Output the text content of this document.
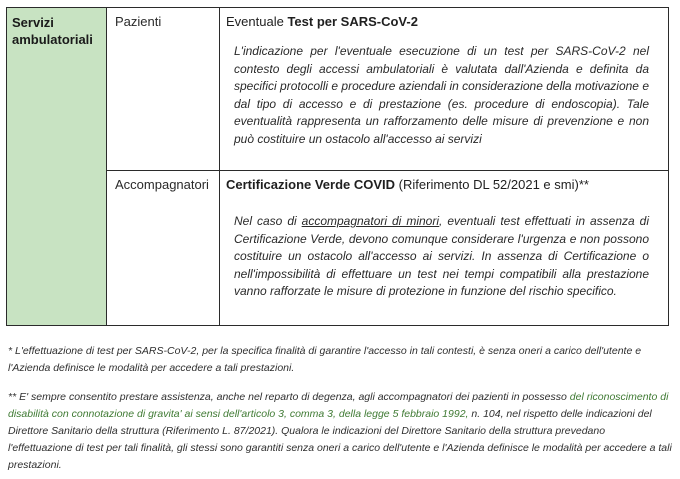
Servizi ambulatoriali
Pazienti	Eventuale Test per SARS-CoV-2
L'indicazione per l'eventuale esecuzione di un test per SARS-CoV-2 nel contesto degli accessi ambulatoriali è valutata dall'Azienda e definita da specifici protocolli e procedure aziendali in considerazione della motivazione e dal tipo di accesso e di prestazione (es. procedure di endoscopia). Tale eventualità rappresenta un rafforzamento delle misure di prevenzione e non può costituire un ostacolo all'accesso ai servizi
Accompagnatori Certificazione Verde COVID (Riferimento DL 52/2021 e smi)**
Nel caso di accompagnatori di minori, eventuali test effettuati in assenza di Certificazione Verde, devono comunque considerare l'urgenza e non possono costituire un ostacolo all'accesso ai servizi. In assenza di Certificazione o nell'impossibilità di effettuare un test nei tempi compatibili alla prestazione vanno rafforzate le misure di protezione in funzione del rischio specifico.
* L'effettuazione di test per SARS-CoV-2, per la specifica finalità di garantire l'accesso in tali contesti, è senza oneri a carico dell'utente e l'Azienda definisce le modalità per accedere a tali prestazioni.
** E' sempre consentito prestare assistenza, anche nel reparto di degenza, agli accompagnatori dei pazienti in possesso del riconoscimento di disabilità con connotazione di gravita' ai sensi dell'articolo 3, comma 3, della legge 5 febbraio 1992, n. 104, nel rispetto delle indicazioni del Direttore Sanitario della struttura (Riferimento L. 87/2021). Qualora le indicazioni del Direttore Sanitario della struttura prevedano l'effettuazione di test per tali finalità, gli stessi sono garantiti senza oneri a carico dell'utente e l'Azienda definisce le modalità per accedere a tali prestazioni.
